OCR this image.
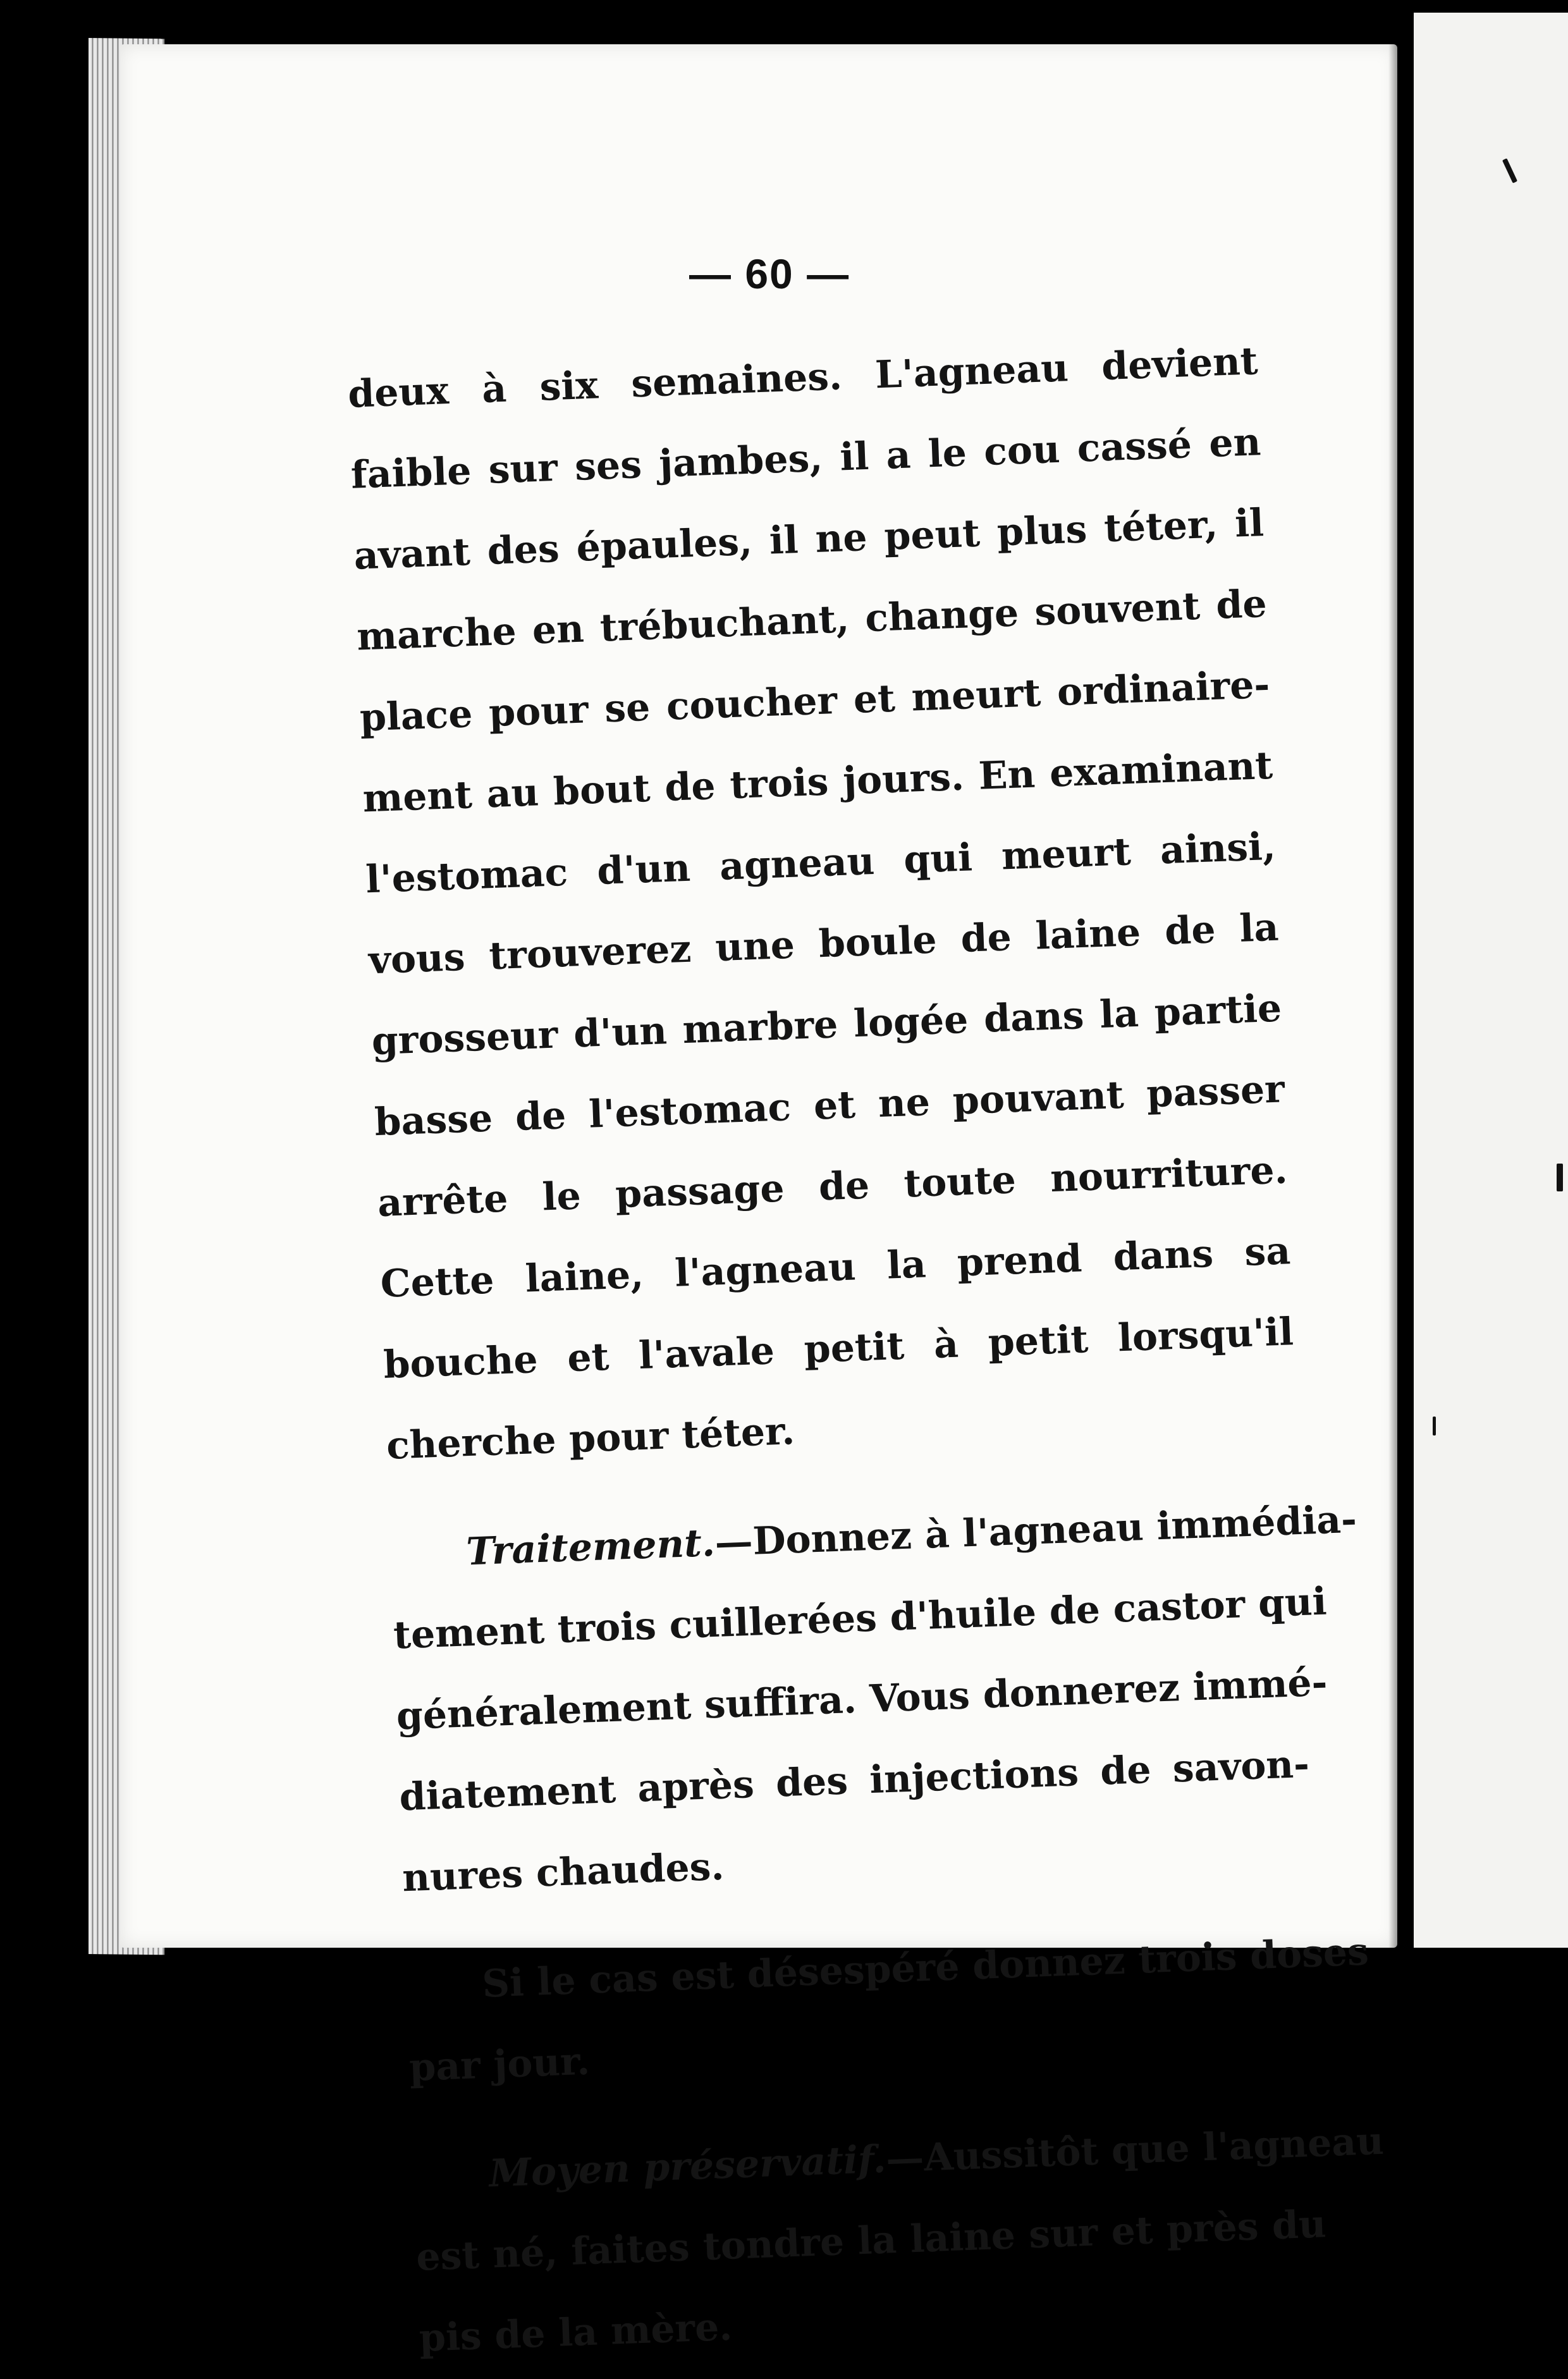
— 60 —

deux à six semaines. L'agneau devient
faible sur ses jambes, il a le cou cassé en
avant des épaules, il ne peut plus téter, il
marche en trébuchant, change souvent de
place pour se coucher et meurt ordinaire-
ment au bout de trois jours. En examinant
l'estomac d'un agneau qui meurt ainsi,
vous trouverez une boule de laine de la
grosseur d'un marbre logée dans la partie
basse de l'estomac et ne pouvant passer
arrête le passage de toute nourriture.
Cette laine, l'agneau la prend dans sa
bouche et l'avale petit à petit lorsqu'il
cherche pour téter.

Traitement.—Donnez à l'agneau immédia-
tement trois cuillerées d'huile de castor qui
généralement suffira. Vous donnerez immé-
diatement après des injections de savon-
nures chaudes.

Si le cas est désespéré donnez trois doses
par jour.

Moyen préservatif.—Aussitôt que l'agneau
est né, faites tondre la laine sur et près du
pis de la mère.
